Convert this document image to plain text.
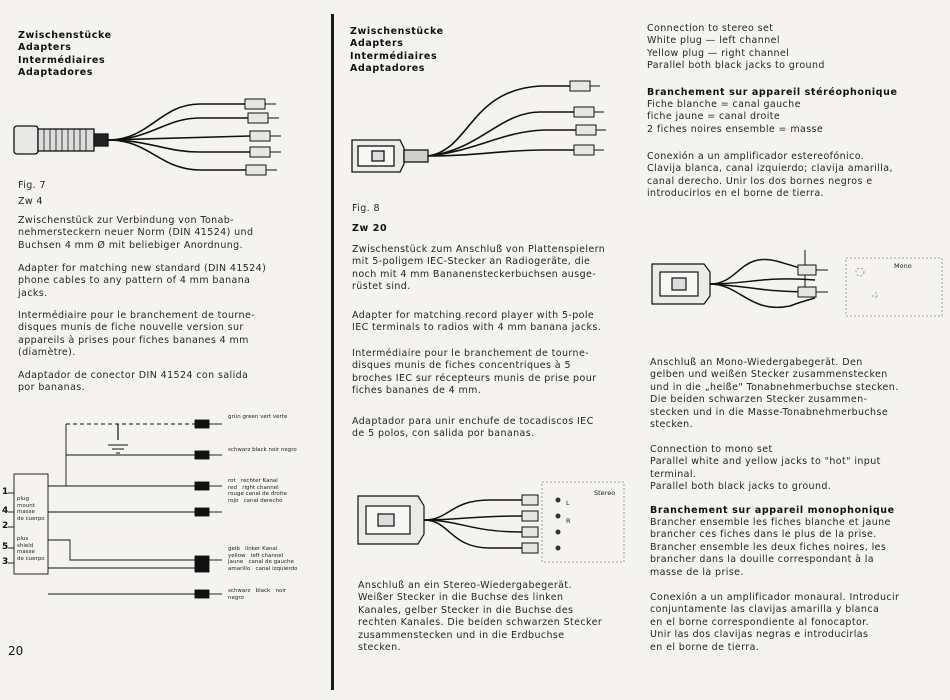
Zwischenstücke
Adapters
Intermédiaires
Adaptadores
Fig. 7
Zw 4
Zwischenstück zur Verbindung von Tonab-
nehmersteckern neuer Norm (DIN 41524) und
Buchsen 4 mm Ø mit beliebiger Anordnung.
Adapter for matching new standard (DIN 41524)
phone cables to any pattern of 4 mm banana
jacks.
Intermédiaire pour le branchement de tourne-
disques munis de fiche nouvelle version sur
appareils à prises pour fiches bananes 4 mm
(diamètre).
Adaptador de conector DIN 41524 con salida
por bananas.
grün green vert verte
schwarz black noir negro
rot   rechter Kanal
red   right channel
rouge canal de droite
rojo   canal derecho
gelb   linker Kanal
yellow   left channel
jaune   canal de gauche
amarillo   canal izquierdo
schwarz   black   noir
negro
1
4
2
5
3
plug
mount
masse
de cuerpo
plus
shield
masse
de cuerpo
20
Zwischenstücke
Adapters
Intermédiaires
Adaptadores
Fig. 8
Zw 20
Zwischenstück zum Anschluß von Plattenspielern
mit 5-poligem IEC-Stecker an Radiogeräte, die
noch mit 4 mm Bananensteckerbuchsen ausge-
rüstet sind.
Adapter for matching record player with 5-pole
IEC terminals to radios with 4 mm banana jacks.
Intermédiaire pour le branchement de tourne-
disques munis de fiches concentriques à 5
broches IEC sur récepteurs munis de prise pour
fiches bananes de 4 mm.
Adaptador para unir enchufe de tocadiscos IEC
de 5 polos, con salida por bananas.
Stereo
L
R
Anschluß an ein Stereo-Wiedergabegerät.
Weißer Stecker in die Buchse des linken
Kanales, gelber Stecker in die Buchse des
rechten Kanales. Die beiden schwarzen Stecker
zusammenstecken und in die Erdbuchse
stecken.
Connection to stereo set
White plug — left channel
Yellow plug — right channel
Parallel both black jacks to ground
Branchement sur appareil stéréophonique
Fiche blanche = canal gauche
fiche jaune = canal droite
2 fiches noires ensemble = masse
Conexión a un amplificador estereofónico.
Clavija blanca, canal izquierdo; clavija amarilla,
canal derecho. Unir los dos bornes negros e
introducirlos en el borne de tierra.
Mono
Anschluß an Mono-Wiedergabegerät. Den
gelben und weißen Stecker zusammenstecken
und in die „heiße" Tonabnehmerbuchse stecken.
Die beiden schwarzen Stecker zusammen-
stecken und in die Masse-Tonabnehmerbuchse
stecken.
Connection to mono set
Parallel white and yellow jacks to "hot" input
terminal.
Parallel both black jacks to ground.
Branchement sur appareil monophonique
Brancher ensemble les fiches blanche et jaune
brancher ces fiches dans le plus de la prise.
Brancher ensemble les deux fiches noires, les
brancher dans la douille correspondant à la
masse de la prise.
Conexión a un amplificador monaural. Introducir
conjuntamente las clavijas amarilla y blanca
en el borne correspondiente al fonocaptor.
Unir las dos clavijas negras e introducirlas
en el borne de tierra.
